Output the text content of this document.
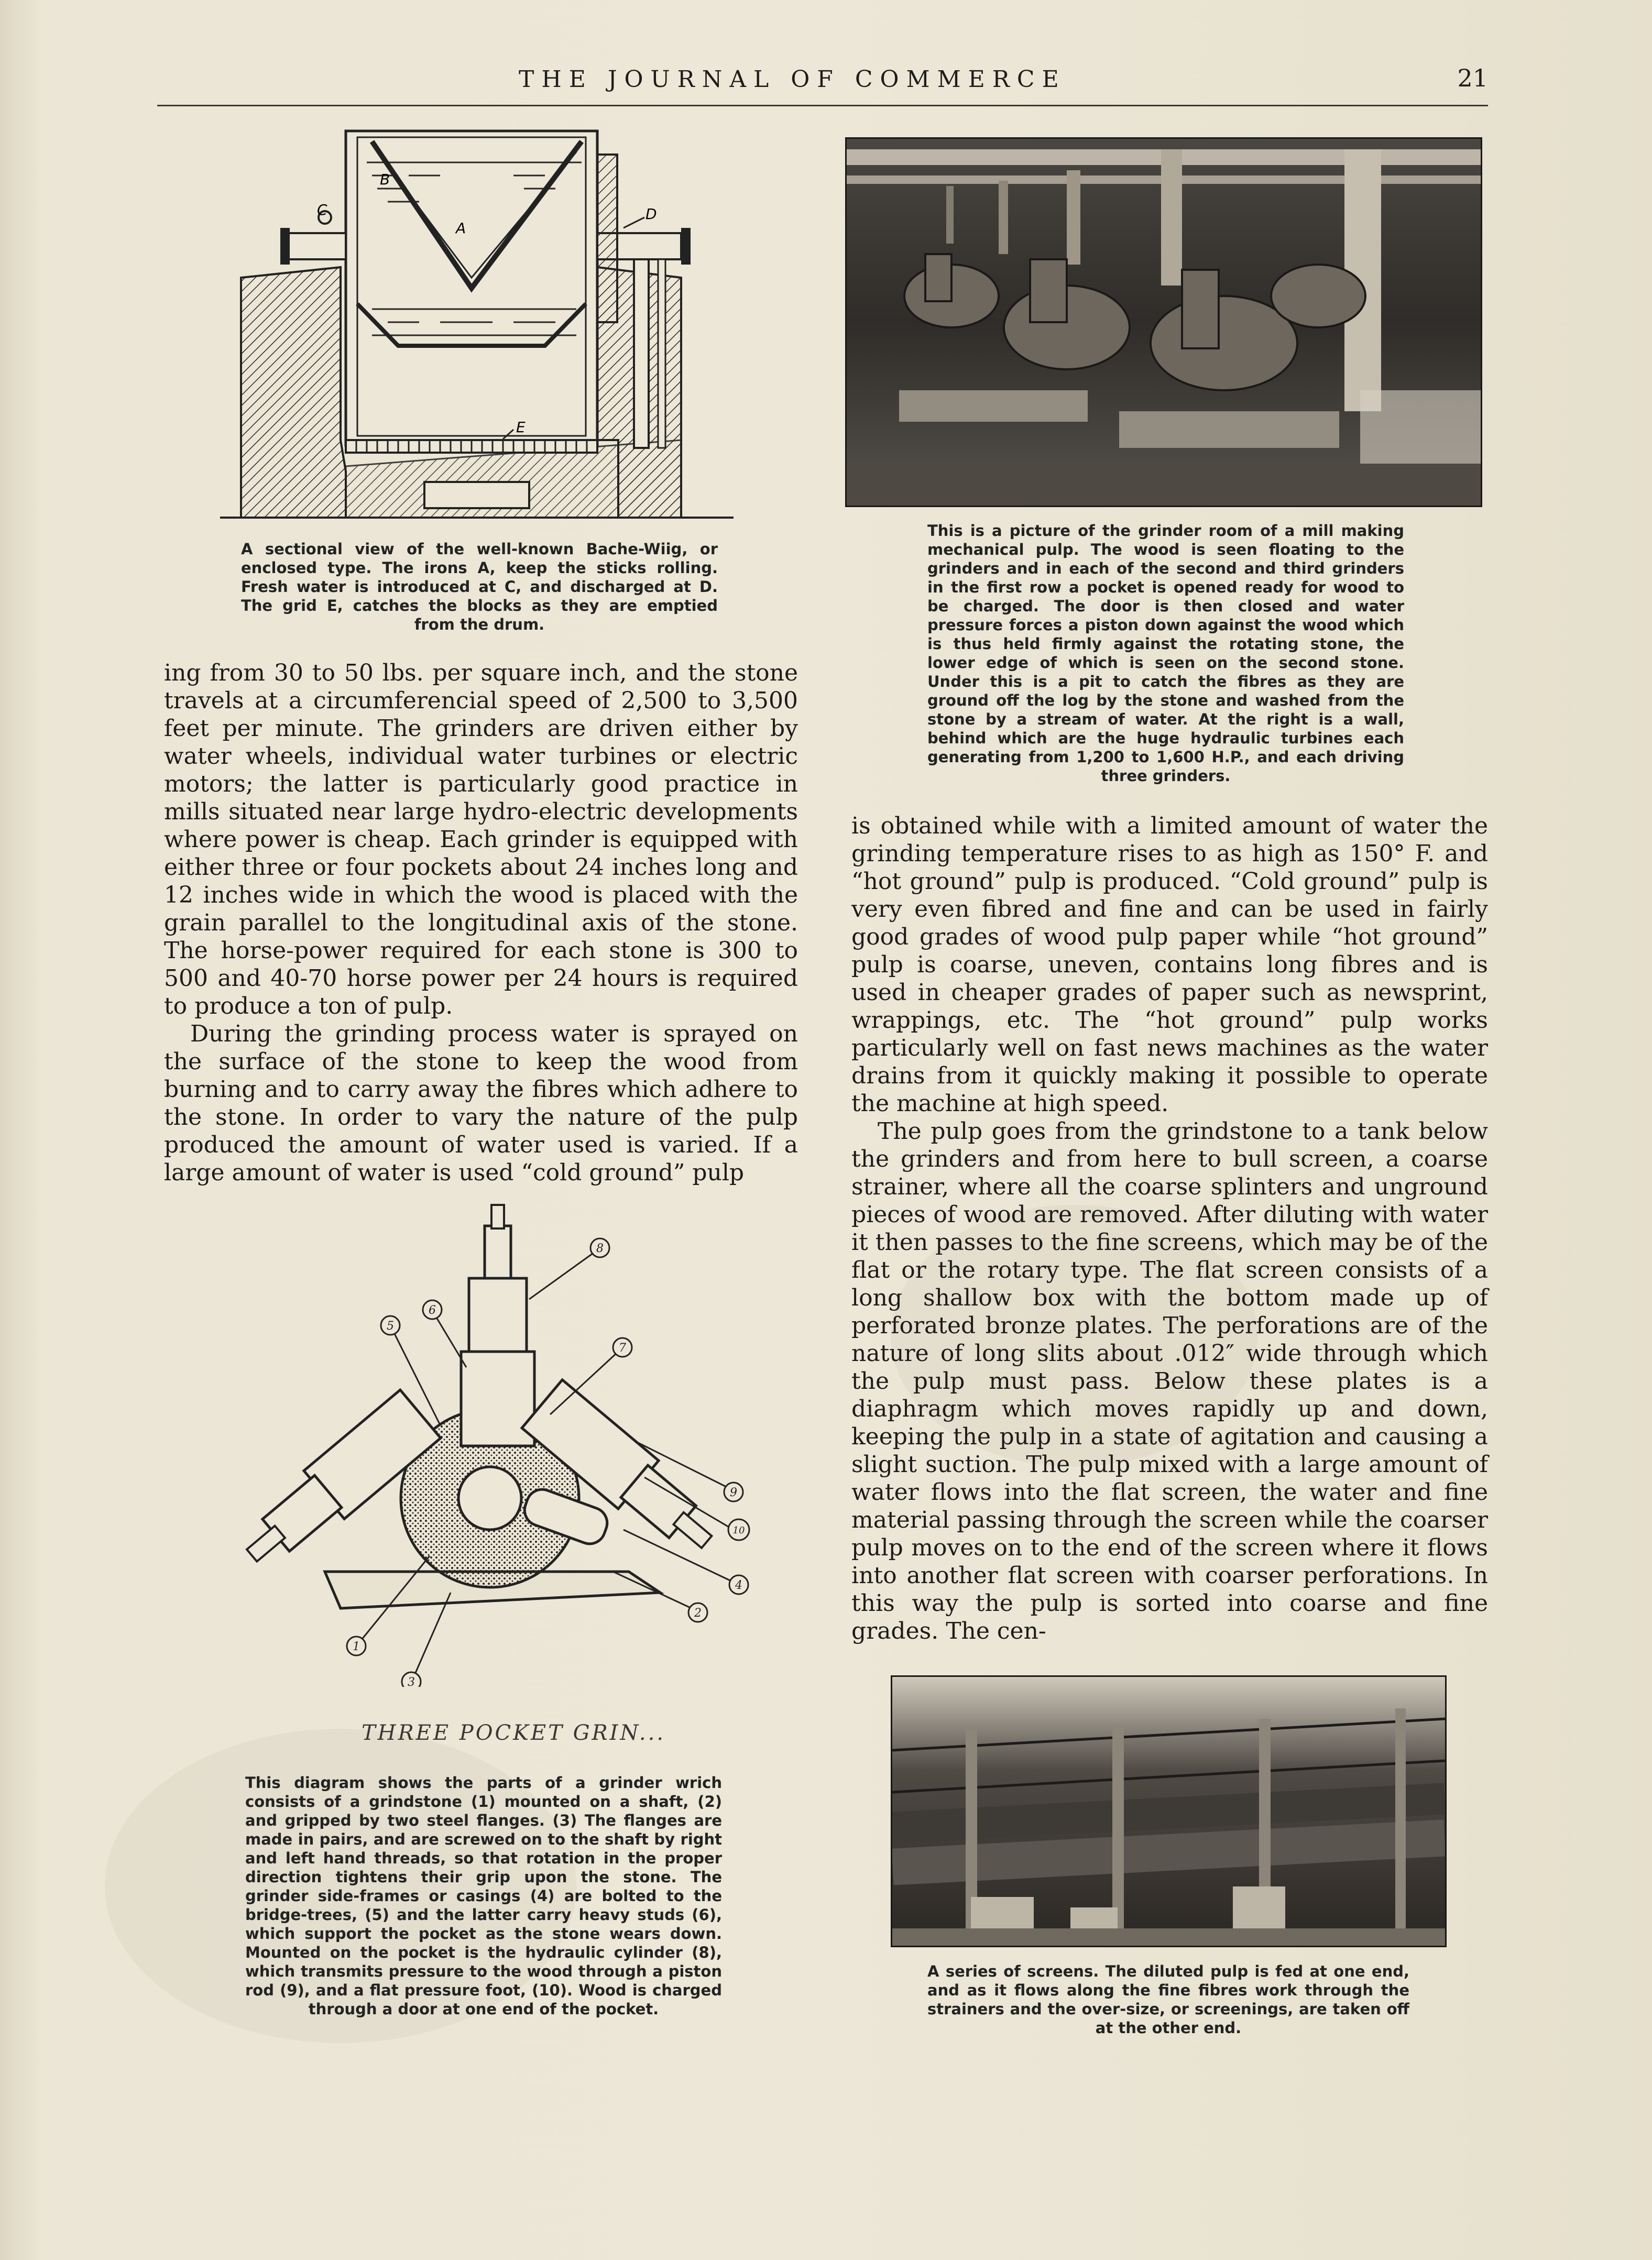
THE JOURNAL OF COMMERCE	21
B
A
C	D
E
A sectional view of the well-known Bache-Wiig, or enclosed type. The irons A, keep the sticks rolling. Fresh water is introduced at C, and discharged at D. The grid E, catches the blocks as they are emptied from the drum.
This is a picture of the grinder room of a mill making mechanical pulp. The wood is seen floating to the grinders and in each of the second and third grinders in the first row a pocket is opened ready for wood to be charged. The door is then closed and water pressure forces a piston down against the wood which is thus held firmly against the rotating stone, the lower edge of which is seen on the second stone. Under this is a pit to catch the fibres as they are ground off the log by the stone and washed from the stone by a stream of water. At the right is a wall, behind which are the huge hydraulic turbines each generating from 1,200 to 1,600 H.P., and each driving three grinders.

ing from 30 to 50 lbs. per square inch, and the stone travels at a circumferencial speed of 2,500 to 3,500 feet per minute. The grinders are driven either by water wheels, individual water turbines or electric motors; the latter is particularly good practice in mills situated near large hydro-electric developments where power is cheap. Each grinder is equipped with either three or four pockets about 24 inches long and 12 inches wide in which the wood is placed with the grain parallel to the longitudinal axis of the stone. The horse-power required for each stone is 300 to 500 and 40-70 horse power per 24 hours is required to produce a ton of pulp.

During the grinding process water is sprayed on the surface of the stone to keep the wood from burning and to carry away the fibres which adhere to the stone. In order to vary the nature of the pulp produced the amount of water used is varied. If a large amount of water is used “cold ground” pulp

1
2
3
4
5
6
7
8
9
10
THREE POCKET GRIN...
This diagram shows the parts of a grinder wrich consists of a grindstone (1) mounted on a shaft, (2) and gripped by two steel flanges. (3) The flanges are made in pairs, and are screwed on to the shaft by right and left hand threads, so that rotation in the proper direction tightens their grip upon the stone. The grinder side-frames or casings (4) are bolted to the bridge-trees, (5) and the latter carry heavy studs (6), which support the pocket as the stone wears down. Mounted on the pocket is the hydraulic cylinder (8), which transmits pressure to the wood through a piston rod (9), and a flat pressure foot, (10). Wood is charged through a door at one end of the pocket.

is obtained while with a limited amount of water the grinding temperature rises to as high as 150° F. and “hot ground” pulp is produced. “Cold ground” pulp is very even fibred and fine and can be used in fairly good grades of wood pulp paper while “hot ground” pulp is coarse, uneven, contains long fibres and is used in cheaper grades of paper such as newsprint, wrappings, etc. The “hot ground” pulp works particularly well on fast news machines as the water drains from it quickly making it possible to operate the machine at high speed.

The pulp goes from the grindstone to a tank below the grinders and from here to bull screen, a coarse strainer, where all the coarse splinters and unground pieces of wood are removed. After diluting with water it then passes to the fine screens, which may be of the flat or the rotary type. The flat screen consists of a long shallow box with the bottom made up of perforated bronze plates. The perforations are of the nature of long slits about .012″ wide through which the pulp must pass. Below these plates is a diaphragm which moves rapidly up and down, keeping the pulp in a state of agitation and causing a slight suction. The pulp mixed with a large amount of water flows into the flat screen, the water and fine material passing through the screen while the coarser pulp moves on to the end of the screen where it flows into another flat screen with coarser perforations. In this way the pulp is sorted into coarse and fine grades. The cen-

A series of screens. The diluted pulp is fed at one end, and as it flows along the fine fibres work through the strainers and the over-size, or screenings, are taken off at the other end.
